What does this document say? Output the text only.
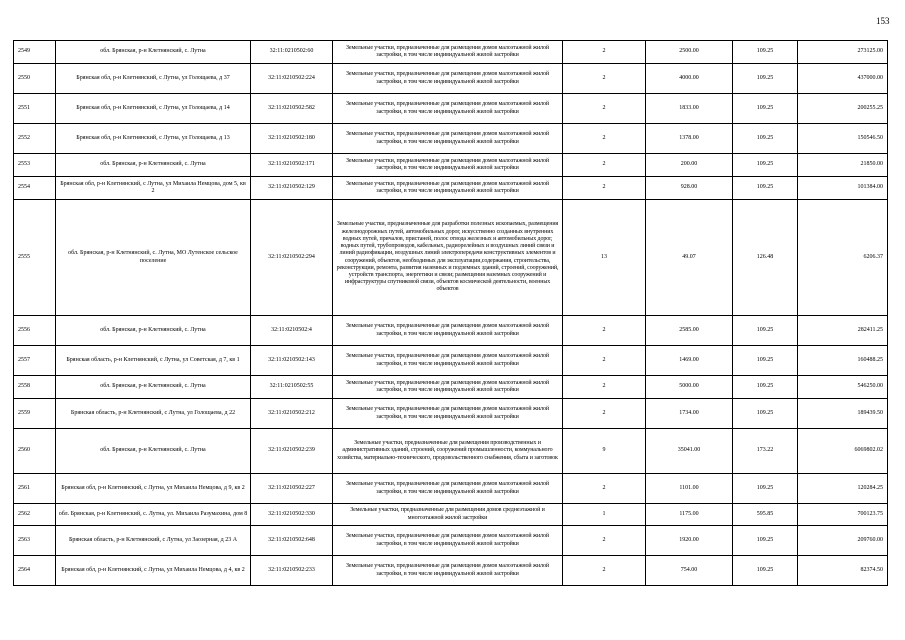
153
2549	обл. Брянская, р-н Клетнянский, с. Лутна	32:11:0210502:60	Земельные участки, предназначенные для размещения домов малоэтажной жилой застройки, в том числе индивидуальной жилой застройки	2	2500.00	109.25	273125.00
2550	Брянская обл, р-н Клетнянский, с Лутна, ул Голощаева, д 37	32:11:0210502:224	Земельные участки, предназначенные для размещения домов малоэтажной жилой застройки, в том числе индивидуальной жилой застройки	2	4000.00	109.25	437000.00
2551	Брянская обл, р-н Клетнянский, с Лутна, ул Голощаева, д 14	32:11:0210502:582	Земельные участки, предназначенные для размещения домов малоэтажной жилой застройки, в том числе индивидуальной жилой застройки	2	1833.00	109.25	200255.25
2552	Брянская обл, р-н Клетнянский, с Лутна, ул Голощаева, д 13	32:11:0210502:180	Земельные участки, предназначенные для размещения домов малоэтажной жилой застройки, в том числе индивидуальной жилой застройки	2	1378.00	109.25	150546.50
2553	обл. Брянская, р-н Клетнянский, с. Лутна	32:11:0210502:171	Земельные участки, предназначенные для размещения домов малоэтажной жилой застройки, в том числе индивидуальной жилой застройки	2	200.00	109.25	21850.00
2554	Брянская обл, р-н Клетнянский, с Лутна, ул Михаила Немцова, дом 5, кв 2	32:11:0210502:129	Земельные участки, предназначенные для размещения домов малоэтажной жилой застройки, в том числе индивидуальной жилой застройки	2	928.00	109.25	101384.00
2555	обл. Брянская, р-н Клетнянский, с. Лутна, МО Лутенское сельское поселение	32:11:0210502:294	Земельные участки, предназначенные для разработки полезных ископаемых, размещения железнодорожных путей, автомобильных дорог, искусственно созданных внутренних водных путей, причалов, пристаней, полос отвода железных и автомобильных дорог, водных путей, трубопроводов, кабельных, радиорелейных и воздушных линий связи и линий радиофикации, воздушных линий электропередачи конструктивных элементов и сооружений, объектов, необходимых для эксплуатации,содержания, строительства, реконструкции, ремонта, развития наземных и подземных зданий, строений, сооружений, устройств транспорта, энергетики и связи; размещения наземных сооружений и инфраструктуры спутниковой связи, объектов космической деятельности, военных объектов	13	49.07	126.48	6206.37
2556	обл. Брянская, р-н Клетнянский, с. Лутна	32:11:0210502:4	Земельные участки, предназначенные для размещения домов малоэтажной жилой застройки, в том числе индивидуальной жилой застройки	2	2585.00	109.25	282411.25
2557	Брянская область, р-н Клетнянский, с Лутна, ул Советская, д 7, кв 1	32:11:0210502:143	Земельные участки, предназначенные для размещения домов малоэтажной жилой застройки, в том числе индивидуальной жилой застройки	2	1469.00	109.25	160488.25
2558	обл. Брянская, р-н Клетнянский, с. Лутна	32:11:0210502:55	Земельные участки, предназначенные для размещения домов малоэтажной жилой застройки, в том числе индивидуальной жилой застройки	2	5000.00	109.25	546250.00
2559	Брянская область, р-н Клетнянский, с Лутна, ул Голощаева, д 22	32:11:0210502:212	Земельные участки, предназначенные для размещения домов малоэтажной жилой застройки, в том числе индивидуальной жилой застройки	2	1734.00	109.25	189439.50
2560	обл. Брянская, р-н Клетнянский, с. Лутна	32:11:0210502:239	Земельные участки, предназначенные для размещения производственных и административных зданий, строений, сооружений промышленности, коммунального хозяйства, материально-технического, продовольственного снабжения, сбыта и заготовок	9	35041.00	173.22	6069802.02
2561	Брянская обл, р-н Клетнянский, с Лутна, ул Михаила Немцова, д 9, кв 2	32:11:0210502:227	Земельные участки, предназначенные для размещения домов малоэтажной жилой застройки, в том числе индивидуальной жилой застройки	2	1101.00	109.25	120284.25
2562	обл. Брянская, р-н Клетнянский, с. Лутна, ул. Михаила Разумахина, дом 8	32:11:0210502:330	Земельные участки, предназначенные для размещения домов среднеэтажной и многоэтажной жилой застройки	1	1175.00	595.85	700123.75
2563	Брянская область, р-н Клетнянский, с Лутна, ул Заозерная, д 23 А	32:11:0210502:648	Земельные участки, предназначенные для размещения домов малоэтажной жилой застройки, в том числе индивидуальной жилой застройки	2	1920.00	109.25	209760.00
2564	Брянская обл, р-н Клетнянский, с Лутна, ул Михаила Немцова, д 4, кв 2	32:11:0210502:233	Земельные участки, предназначенные для размещения домов малоэтажной жилой застройки, в том числе индивидуальной жилой застройки	2	754.00	109.25	82374.50
